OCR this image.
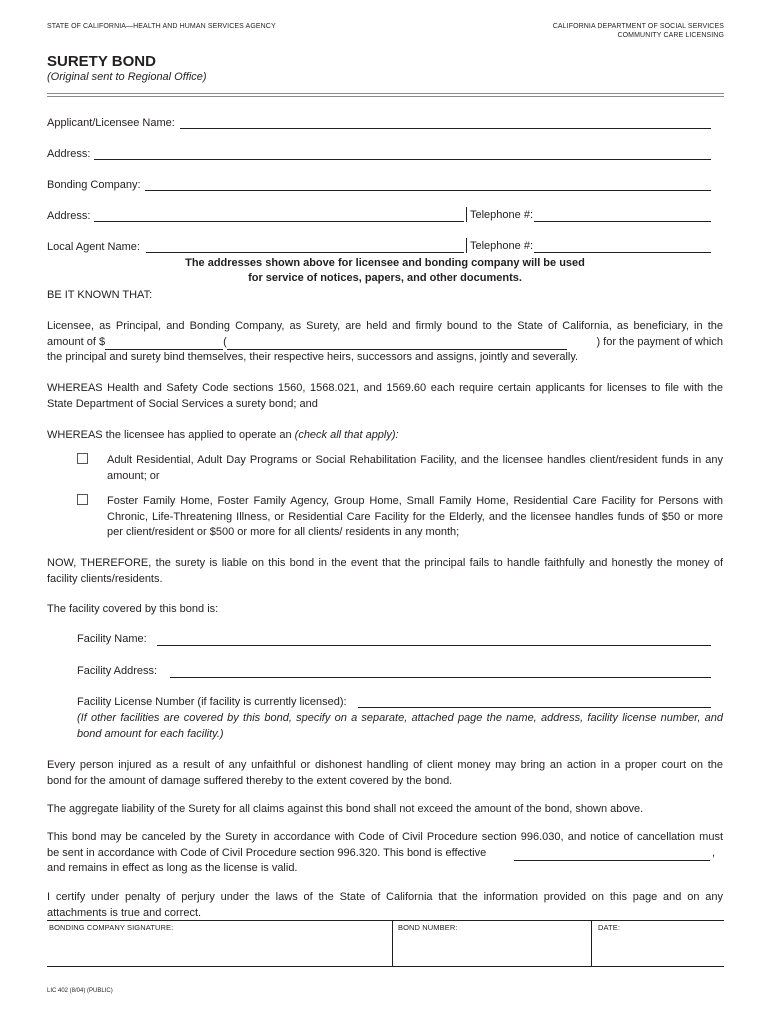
STATE OF CALIFORNIA—HEALTH AND HUMAN SERVICES AGENCY	CALIFORNIA DEPARTMENT OF SOCIAL SERVICES
COMMUNITY CARE LICENSING
SURETY BOND
(Original sent to Regional Office)
Applicant/Licensee Name:
Address:
Bonding Company:
Address:	Telephone #:
Local Agent Name:	Telephone #:
The addresses shown above for licensee and bonding company will be used
for service of notices, papers, and other documents.
BE IT KNOWN THAT:
Licensee, as Principal, and Bonding Company, as Surety, are held and firmly bound to the State of California, as beneficiary, in the
amount of $	(	) for the payment of which
the principal and surety bind themselves, their respective heirs, successors and assigns, jointly and severally.
WHEREAS Health and Safety Code sections 1560, 1568.021, and 1569.60 each require certain applicants for licenses to file with the
State Department of Social Services a surety bond; and
WHEREAS the licensee has applied to operate an (check all that apply):
Adult Residential, Adult Day Programs or Social Rehabilitation Facility, and the licensee handles client/resident funds in any
amount; or
Foster Family Home, Foster Family Agency, Group Home, Small Family Home, Residential Care Facility for Persons with
Chronic, Life-Threatening Illness, or Residential Care Facility for the Elderly, and the licensee handles funds of $50 or more
per client/resident or $500 or more for all clients/ residents in any month;
NOW, THEREFORE, the surety is liable on this bond in the event that the principal fails to handle faithfully and honestly the money of
facility clients/residents.
The facility covered by this bond is:
Facility Name:
Facility Address:
Facility License Number (if facility is currently licensed):
(If other facilities are covered by this bond, specify on a separate, attached page the name, address, facility license number, and
bond amount for each facility.)
Every person injured as a result of any unfaithful or dishonest handling of client money may bring an action in a proper court on the
bond for the amount of damage suffered thereby to the extent covered by the bond.
The aggregate liability of the Surety for all claims against this bond shall not exceed the amount of the bond, shown above.
This bond may be canceled by the Surety in accordance with Code of Civil Procedure section 996.030, and notice of cancellation must
be sent in accordance with Code of Civil Procedure section 996.320. This bond is effective	,
and remains in effect as long as the license is valid.
I certify under penalty of perjury under the laws of the State of California that the information provided on this page and on any
attachments is true and correct.
BONDING COMPANY SIGNATURE:	BOND NUMBER:	DATE:
LIC 402 (8/04) (PUBLIC)
